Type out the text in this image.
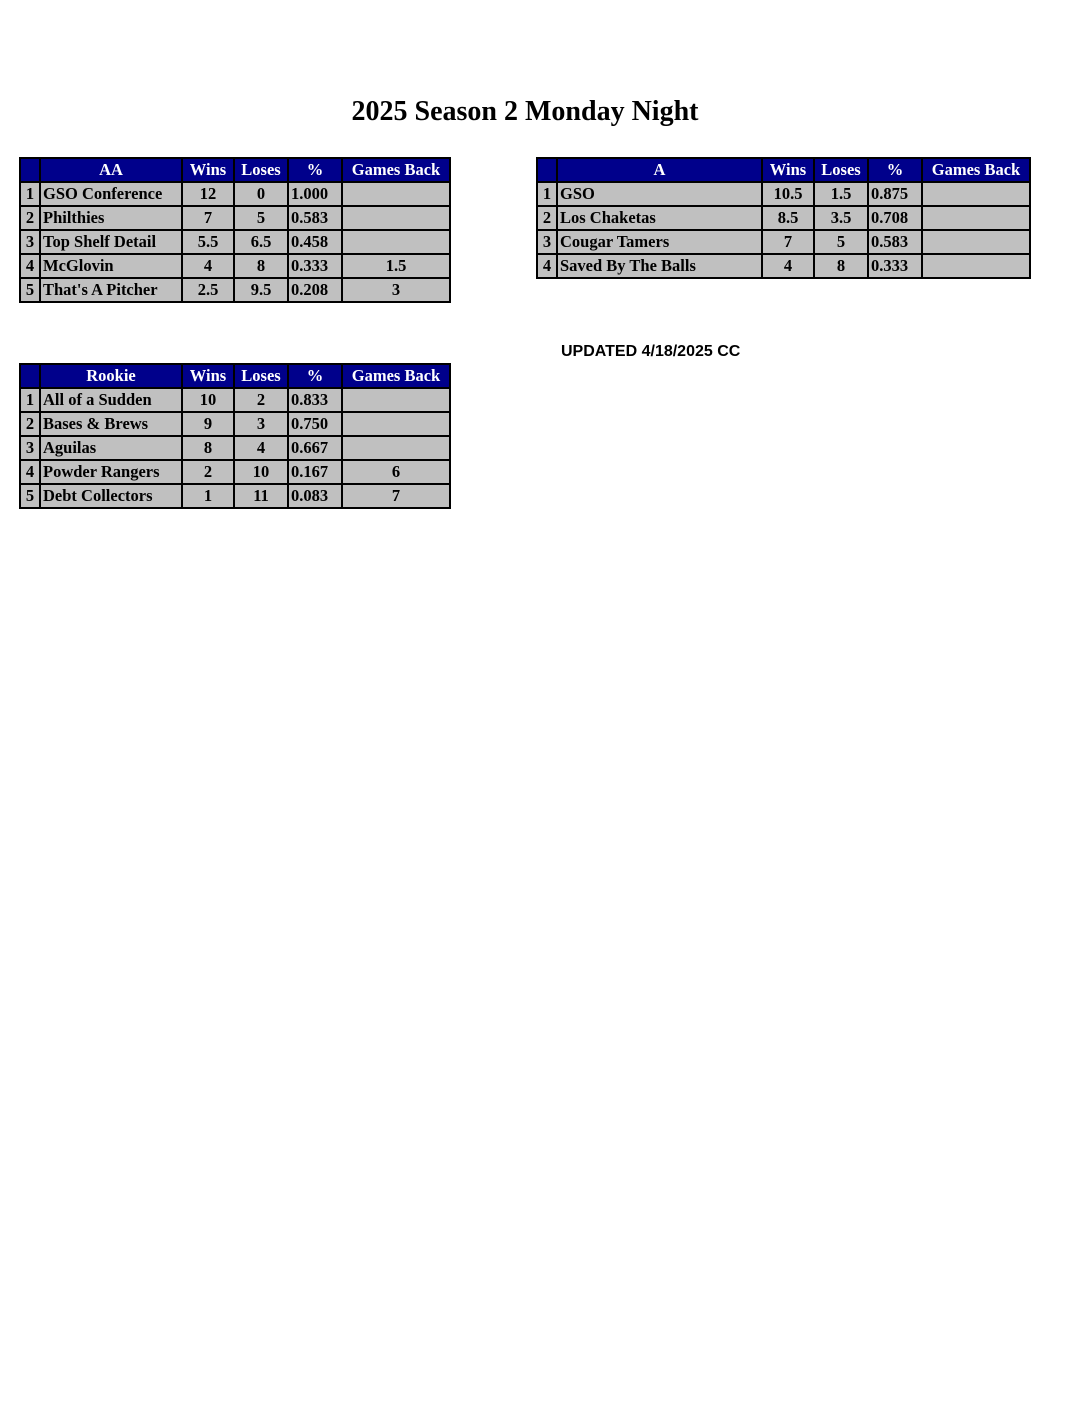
2025 Season 2 Monday Night
	AA	Wins	Loses	%	Games Back
1	GSO Conference	12	0	1.000	
2	Philthies	7	5	0.583	
3	Top Shelf Detail	5.5	6.5	0.458	
4	McGlovin	4	8	0.333	1.5
5	That's A Pitcher	2.5	9.5	0.208	3
	A	Wins	Loses	%	Games Back
1	GSO	10.5	1.5	0.875	
2	Los Chaketas	8.5	3.5	0.708	
3	Cougar Tamers	7	5	0.583	
4	Saved By The Balls	4	8	0.333	
UPDATED 4/18/2025 CC
	Rookie	Wins	Loses	%	Games Back
1	All of a Sudden	10	2	0.833	
2	Bases & Brews	9	3	0.750	
3	Aguilas	8	4	0.667	
4	Powder Rangers	2	10	0.167	6
5	Debt Collectors	1	11	0.083	7
